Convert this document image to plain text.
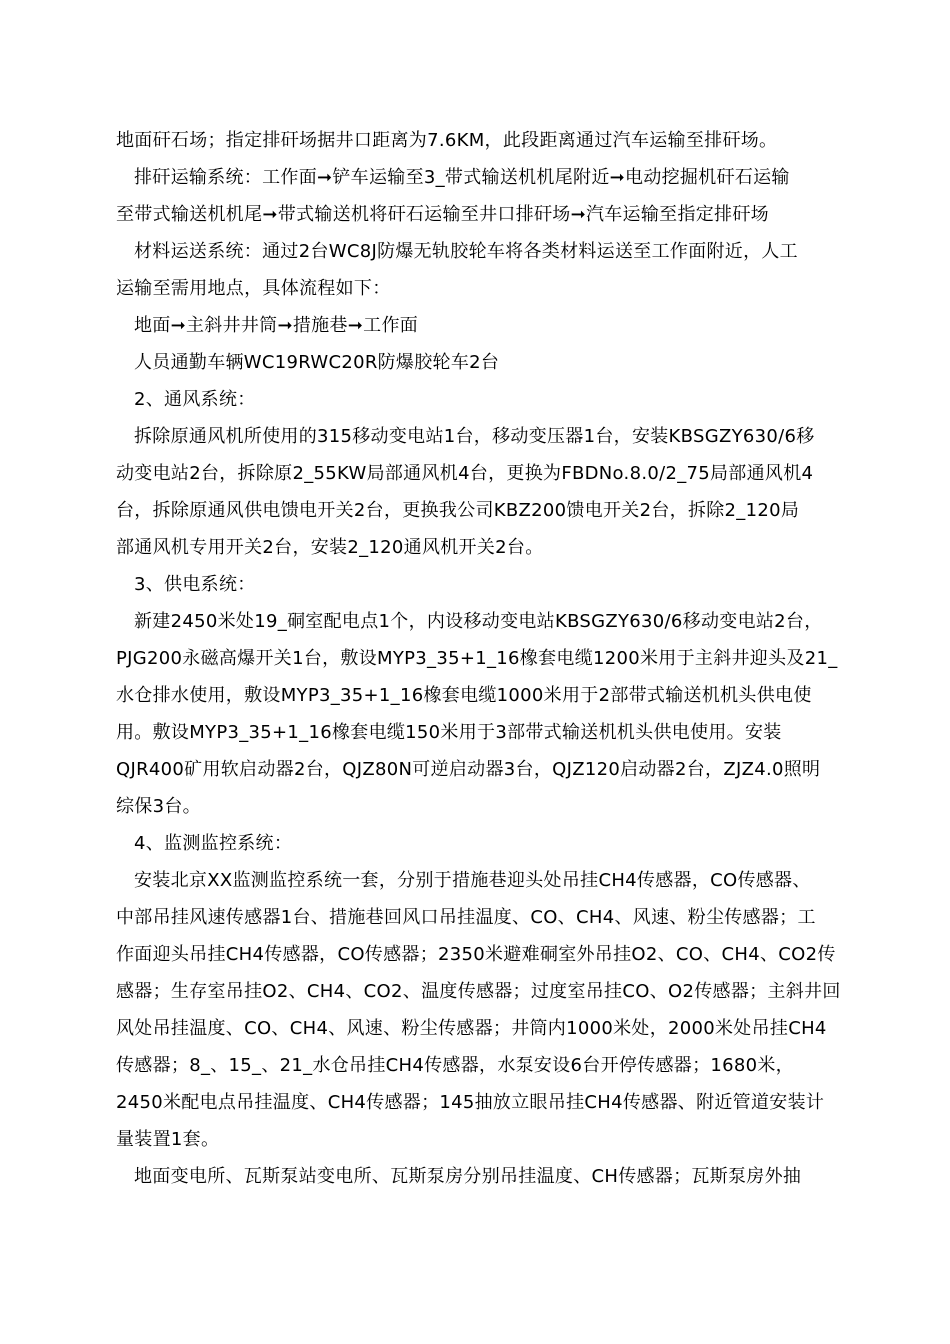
地面矸石场；指定排矸场据井口距离为7.6KM，此段距离通过汽车运输至排矸场。
排矸运输系统：工作面➞铲车运输至3_带式输送机机尾附近➞电动挖掘机矸石运输
至带式输送机机尾➞带式输送机将矸石运输至井口排矸场➞汽车运输至指定排矸场
材料运送系统：通过2台WC8J防爆无轨胶轮车将各类材料运送至工作面附近，人工
运输至需用地点，具体流程如下：
地面➞主斜井井筒➞措施巷➞工作面
人员通勤车辆WC19RWC20R防爆胶轮车2台
2、通风系统：
拆除原通风机所使用的315移动变电站1台，移动变压器1台，安装KBSGZY630/6移
动变电站2台，拆除原2_55KW局部通风机4台，更换为FBDNo.8.0/2_75局部通风机4
台，拆除原通风供电馈电开关2台，更换我公司KBZ200馈电开关2台，拆除2_120局
部通风机专用开关2台，安装2_120通风机开关2台。
3、供电系统：
新建2450米处19_硐室配电点1个，内设移动变电站KBSGZY630/6移动变电站2台，
PJG200永磁高爆开关1台，敷设MYP3_35+1_16橡套电缆1200米用于主斜井迎头及21_
水仓排水使用，敷设MYP3_35+1_16橡套电缆1000米用于2部带式输送机机头供电使
用。敷设MYP3_35+1_16橡套电缆150米用于3部带式输送机机头供电使用。安装
QJR400矿用软启动器2台，QJZ80N可逆启动器3台，QJZ120启动器2台，ZJZ4.0照明
综保3台。
4、监测监控系统：
安装北京XX监测监控系统一套，分别于措施巷迎头处吊挂CH4传感器，CO传感器、
中部吊挂风速传感器1台、措施巷回风口吊挂温度、CO、CH4、风速、粉尘传感器；工
作面迎头吊挂CH4传感器，CO传感器；2350米避难硐室外吊挂O2、CO、CH4、CO2传
感器；生存室吊挂O2、CH4、CO2、温度传感器；过度室吊挂CO、O2传感器；主斜井回
风处吊挂温度、CO、CH4、风速、粉尘传感器；井筒内1000米处，2000米处吊挂CH4
传感器；8_、15_、21_水仓吊挂CH4传感器，水泵安设6台开停传感器；1680米，
2450米配电点吊挂温度、CH4传感器；145抽放立眼吊挂CH4传感器、附近管道安装计
量装置1套。
地面变电所、瓦斯泵站变电所、瓦斯泵房分别吊挂温度、CH传感器；瓦斯泵房外抽
